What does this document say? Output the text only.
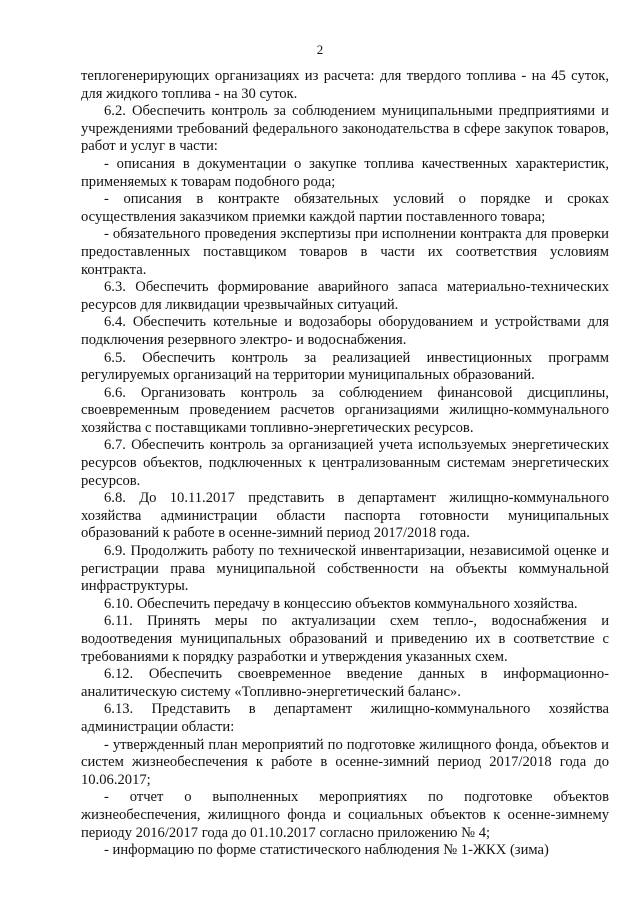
2

теплогенерирующих организациях из расчета: для твердого топлива - на 45 суток, для жидкого топлива - на 30 суток.

6.2. Обеспечить контроль за соблюдением муниципальными предприятиями и учреждениями требований федерального законодательства в сфере закупок товаров, работ и услуг в части:

- описания в документации о закупке топлива качественных характеристик, применяемых к товарам подобного рода;

- описания в контракте обязательных условий о порядке и сроках осуществления заказчиком приемки каждой партии поставленного товара;

- обязательного проведения экспертизы при исполнении контракта для проверки предоставленных поставщиком товаров в части их соответствия условиям контракта.

6.3. Обеспечить формирование аварийного запаса материально-технических ресурсов для ликвидации чрезвычайных ситуаций.

6.4. Обеспечить котельные и водозаборы оборудованием и устройствами для подключения резервного электро- и водоснабжения.

6.5. Обеспечить контроль за реализацией инвестиционных программ регулируемых организаций на территории муниципальных образований.

6.6. Организовать контроль за соблюдением финансовой дисциплины, своевременным проведением расчетов организациями жилищно-коммунального хозяйства с поставщиками топливно-энергетических ресурсов.

6.7. Обеспечить контроль за организацией учета используемых энергетических ресурсов объектов, подключенных к централизованным системам энергетических ресурсов.

6.8. До 10.11.2017 представить в департамент жилищно-коммунального хозяйства администрации области паспорта готовности муниципальных образований к работе в осенне-зимний период 2017/2018 года.

6.9. Продолжить работу по технической инвентаризации, независимой оценке и регистрации права муниципальной собственности на объекты коммунальной инфраструктуры.

6.10. Обеспечить передачу в концессию объектов коммунального хозяйства.

6.11. Принять меры по актуализации схем тепло-, водоснабжения и водоотведения муниципальных образований и приведению их в соответствие с требованиями к порядку разработки и утверждения указанных схем.

6.12. Обеспечить своевременное введение данных в информационно-аналитическую систему «Топливно-энергетический баланс».

6.13. Представить в департамент жилищно-коммунального хозяйства администрации области:

- утвержденный план мероприятий по подготовке жилищного фонда, объектов и систем жизнеобеспечения к работе в осенне-зимний период 2017/2018 года до 10.06.2017;

- отчет о выполненных мероприятиях по подготовке объектов жизнеобеспечения, жилищного фонда и социальных объектов к осенне-зимнему периоду 2016/2017 года до 01.10.2017 согласно приложению № 4;

- информацию по форме статистического наблюдения № 1-ЖКХ (зима)
